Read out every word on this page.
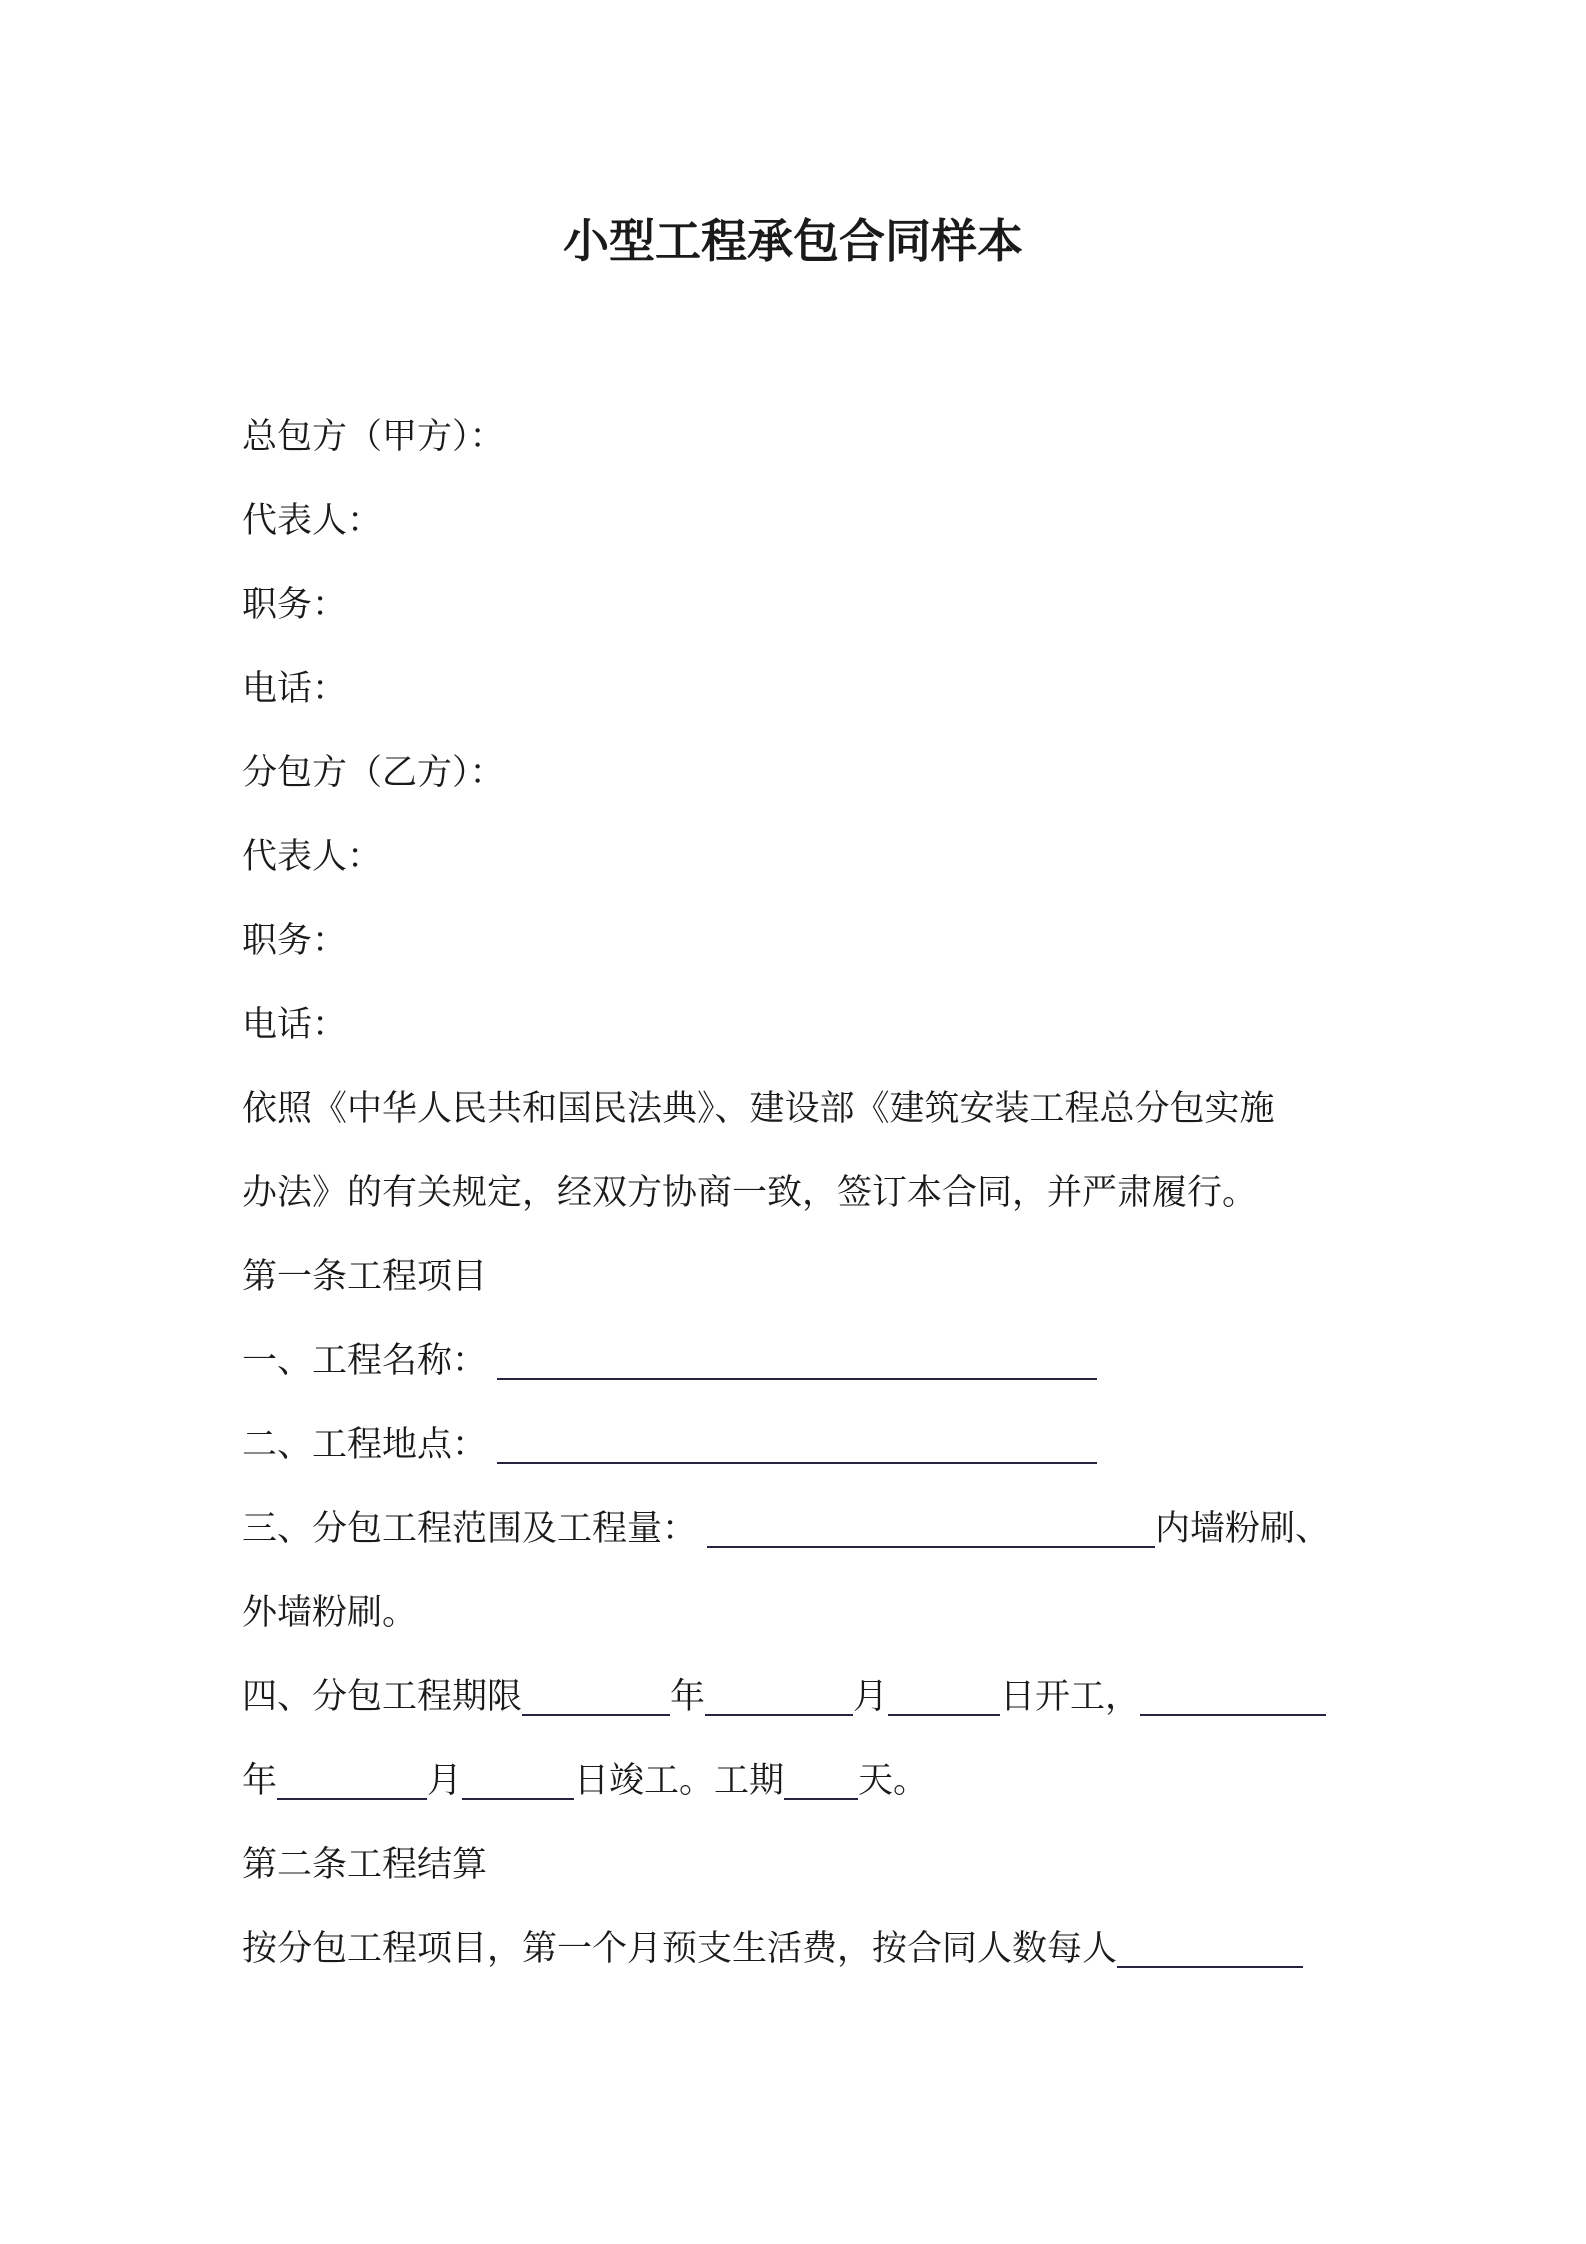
小型工程承包合同样本
总包方（甲方）：
代表人：
职务：
电话：
分包方（乙方）：
代表人：
职务：
电话：
依照《中华人民共和国民法典》、建设部《建筑安装工程总分包实施
办法》的有关规定，经双方协商一致，签订本合同，并严肃履行。
第一条工程项目
一、工程名称：
二、工程地点：
三、分包工程范围及工程量：	内墙粉刷、
外墙粉刷。
四、分包工程期限	年	月	日开工，
年	月	日竣工。工期 天。
第二条工程结算
按分包工程项目，第一个月预支生活费，按合同人数每人
